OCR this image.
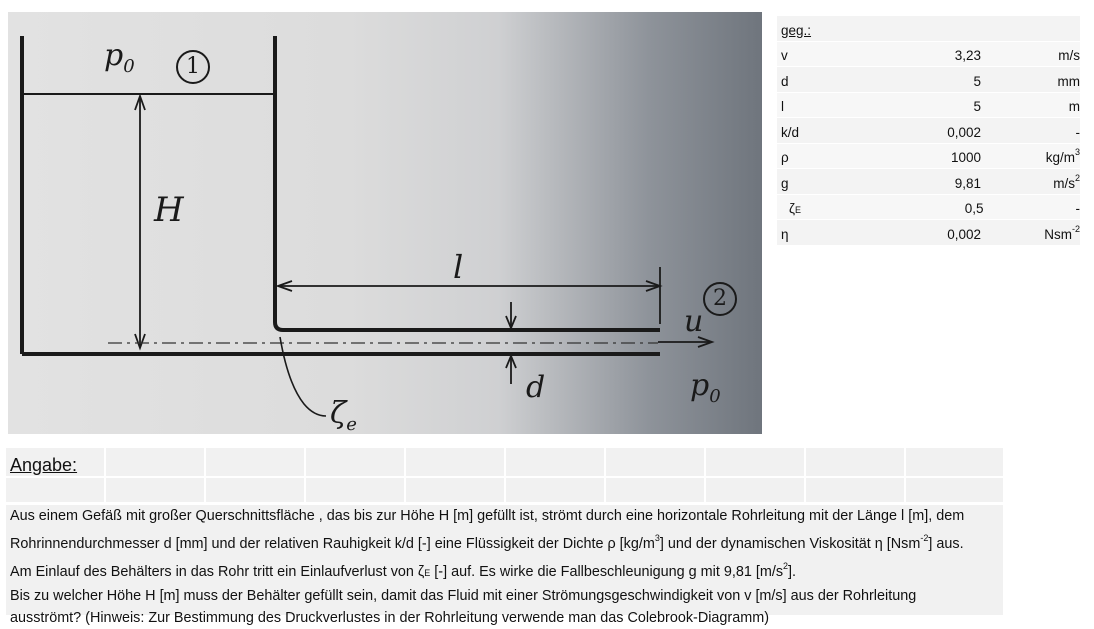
$p_0$	1
H
l
u
2
d
$\zeta_e$
$p_0$
geg.:
v	3,23	m/s
d	5	mm
l	5	m
k/d	0,002	-
ρ	1000	$kg/m^3$
g	9,81	$m/s^2$
ζE	0,5	-
η	0,002	Nsm$^{-2}$
Angabe:

Aus einem Gefäß mit großer Querschnittsfläche , das bis zur Höhe H [m] gefüllt ist, strömt durch eine horizontale Rohrleitung mit der Länge l [m], dem

Rohrinnendurchmesser d [mm] und der relativen Rauhigkeit k/d [-] eine Flüssigkeit der Dichte ρ $[kg/m^3]$ und der dynamischen Viskosität η [Nsm$^{-2}$] aus.

Am Einlauf des Behälters in das Rohr tritt ein Einlaufverlust von ζE [-] auf. Es wirke die Fallbeschleunigung g mit 9,81 $[m/s^2]$.

Bis zu welcher Höhe H [m] muss der Behälter gefüllt sein, damit das Fluid mit einer Strömungsgeschwindigkeit von v [m/s] aus der Rohrleitung

ausströmt? (Hinweis: Zur Bestimmung des Druckverlustes in der Rohrleitung verwende man das Colebrook-Diagramm)
